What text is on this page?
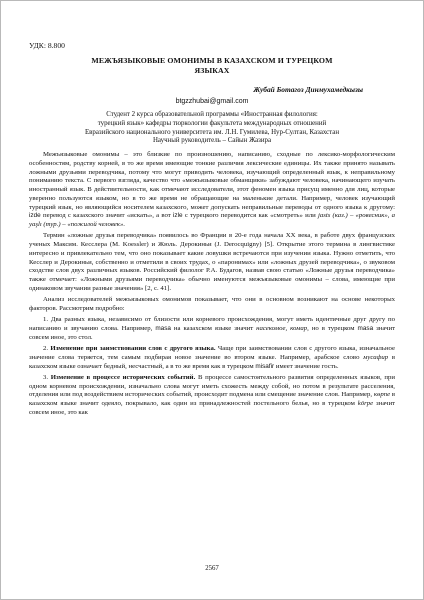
УДК: 8.800
МЕЖЪЯЗЫКОВЫЕ ОМОНИМЫ В КАЗАХСКОМ И ТУРЕЦКОМ
ЯЗЫКАХ
Жубай Ботагоз Динмухамедкызы
btgzzhubai@gmail.com
Студент 2 курса образовательной программы «Иностранная филология:
турецкий язык» кафедры тюркологии факультета международных отношений
Евразийского национального университета им. Л.Н. Гумилева, Нур-Султан, Казахстан
Научный руководитель – Сайын Жазира

Межъязыковые омонимы – это близкие по произношению, написанию, сходные по лексико-морфологическим особенностям, родству корней, в то же время имеющие тонкие различия лексические единицы. Их также принято называть ложными друзьями переводчика, потому что могут приводить человека, изучающий определенный язык, к неправильному пониманию текста. С первого взгляда, качество что «межъязыковые обманщики» забуждают человека, начинающего изучать иностранный язык. В действительности, как отмечают исследователи, этот феномен языка присущ именно для лиц, которые уверенно пользуются языком, но в то же время не обращающие на маленькие детали. Например, человек изучающий турецкий язык, но являющийся носителем казахского, может допускать неправильные переводы от одного языка к другому: izde перевод с казахского значит «искать», а вот izle с турецкого переводится как «смотреть» или jasts (каз.) – «ровесник», а yaşlı (тур.) – «пожилой человек».

Термин «ложные друзья переводчика» появилось во Франции в 20-е года начала XX века, в работе двух французских ученых Максим. Кесслера (M. Koessler) и Жюль. Дерокиньи (J. Derocquigny) [5]. Открытие этого термина в лингвистике интересно и привлекательно тем, что оно показывает какие ловушки встречаются при изучении языка. Нужно отметить, что Кесслер и Дерокиньи, собственно и отметили в своих трудах, о «паронимах» или «ложных друзей переводчика», о звуковом сходстве слов двух различных языков. Российский филолог Р.А. Будагов, назвав свою статью «Ложные друзья переводчика» также отмечает: «Ложными друзьями переводчика» обычно именуются межъязыковые омонимы – слова, имеющие при одинаковом звучании разные значения» [2, с. 41].

Анализ исследователей межъязыковых омонимов показывает, что они в основном возникают на основе некоторых факторов. Рассмотрим подробно:

1. Два разных языка, независимо от близости или корневого происхождения, могут иметь идентичные друг другу по написанию и звучанию слова. Например, masa на казахском языке значит насекомое, комар, но в турецком masa значит совсем иное, это стол.

2. Изменение при заимствовании слов с другого языка. Чаще при заимствовании слов с другого языка, изначальное значение слова теряется, тем самым подбирая новое значение во втором языке. Например, арабское слово мусафир в казахском языке означает бедный, несчастный, а в то же время как в турецком misafir имеет значение гость.

3. Изменение в процессе исторических событий. В процессе самостоятельного развития определенных языков, при одном корневом происхождении, изначально слова могут иметь схожесть между собой, но потом в результате расселения, отделения или под воздействием исторических событий, происходит подмена или смещение значение слов. Например, көрпе в казахском языке значит одеяло, покрывало, как один из принадлежностей постельного белья, но в турецком körpe значит совсем иное, это как

2567
